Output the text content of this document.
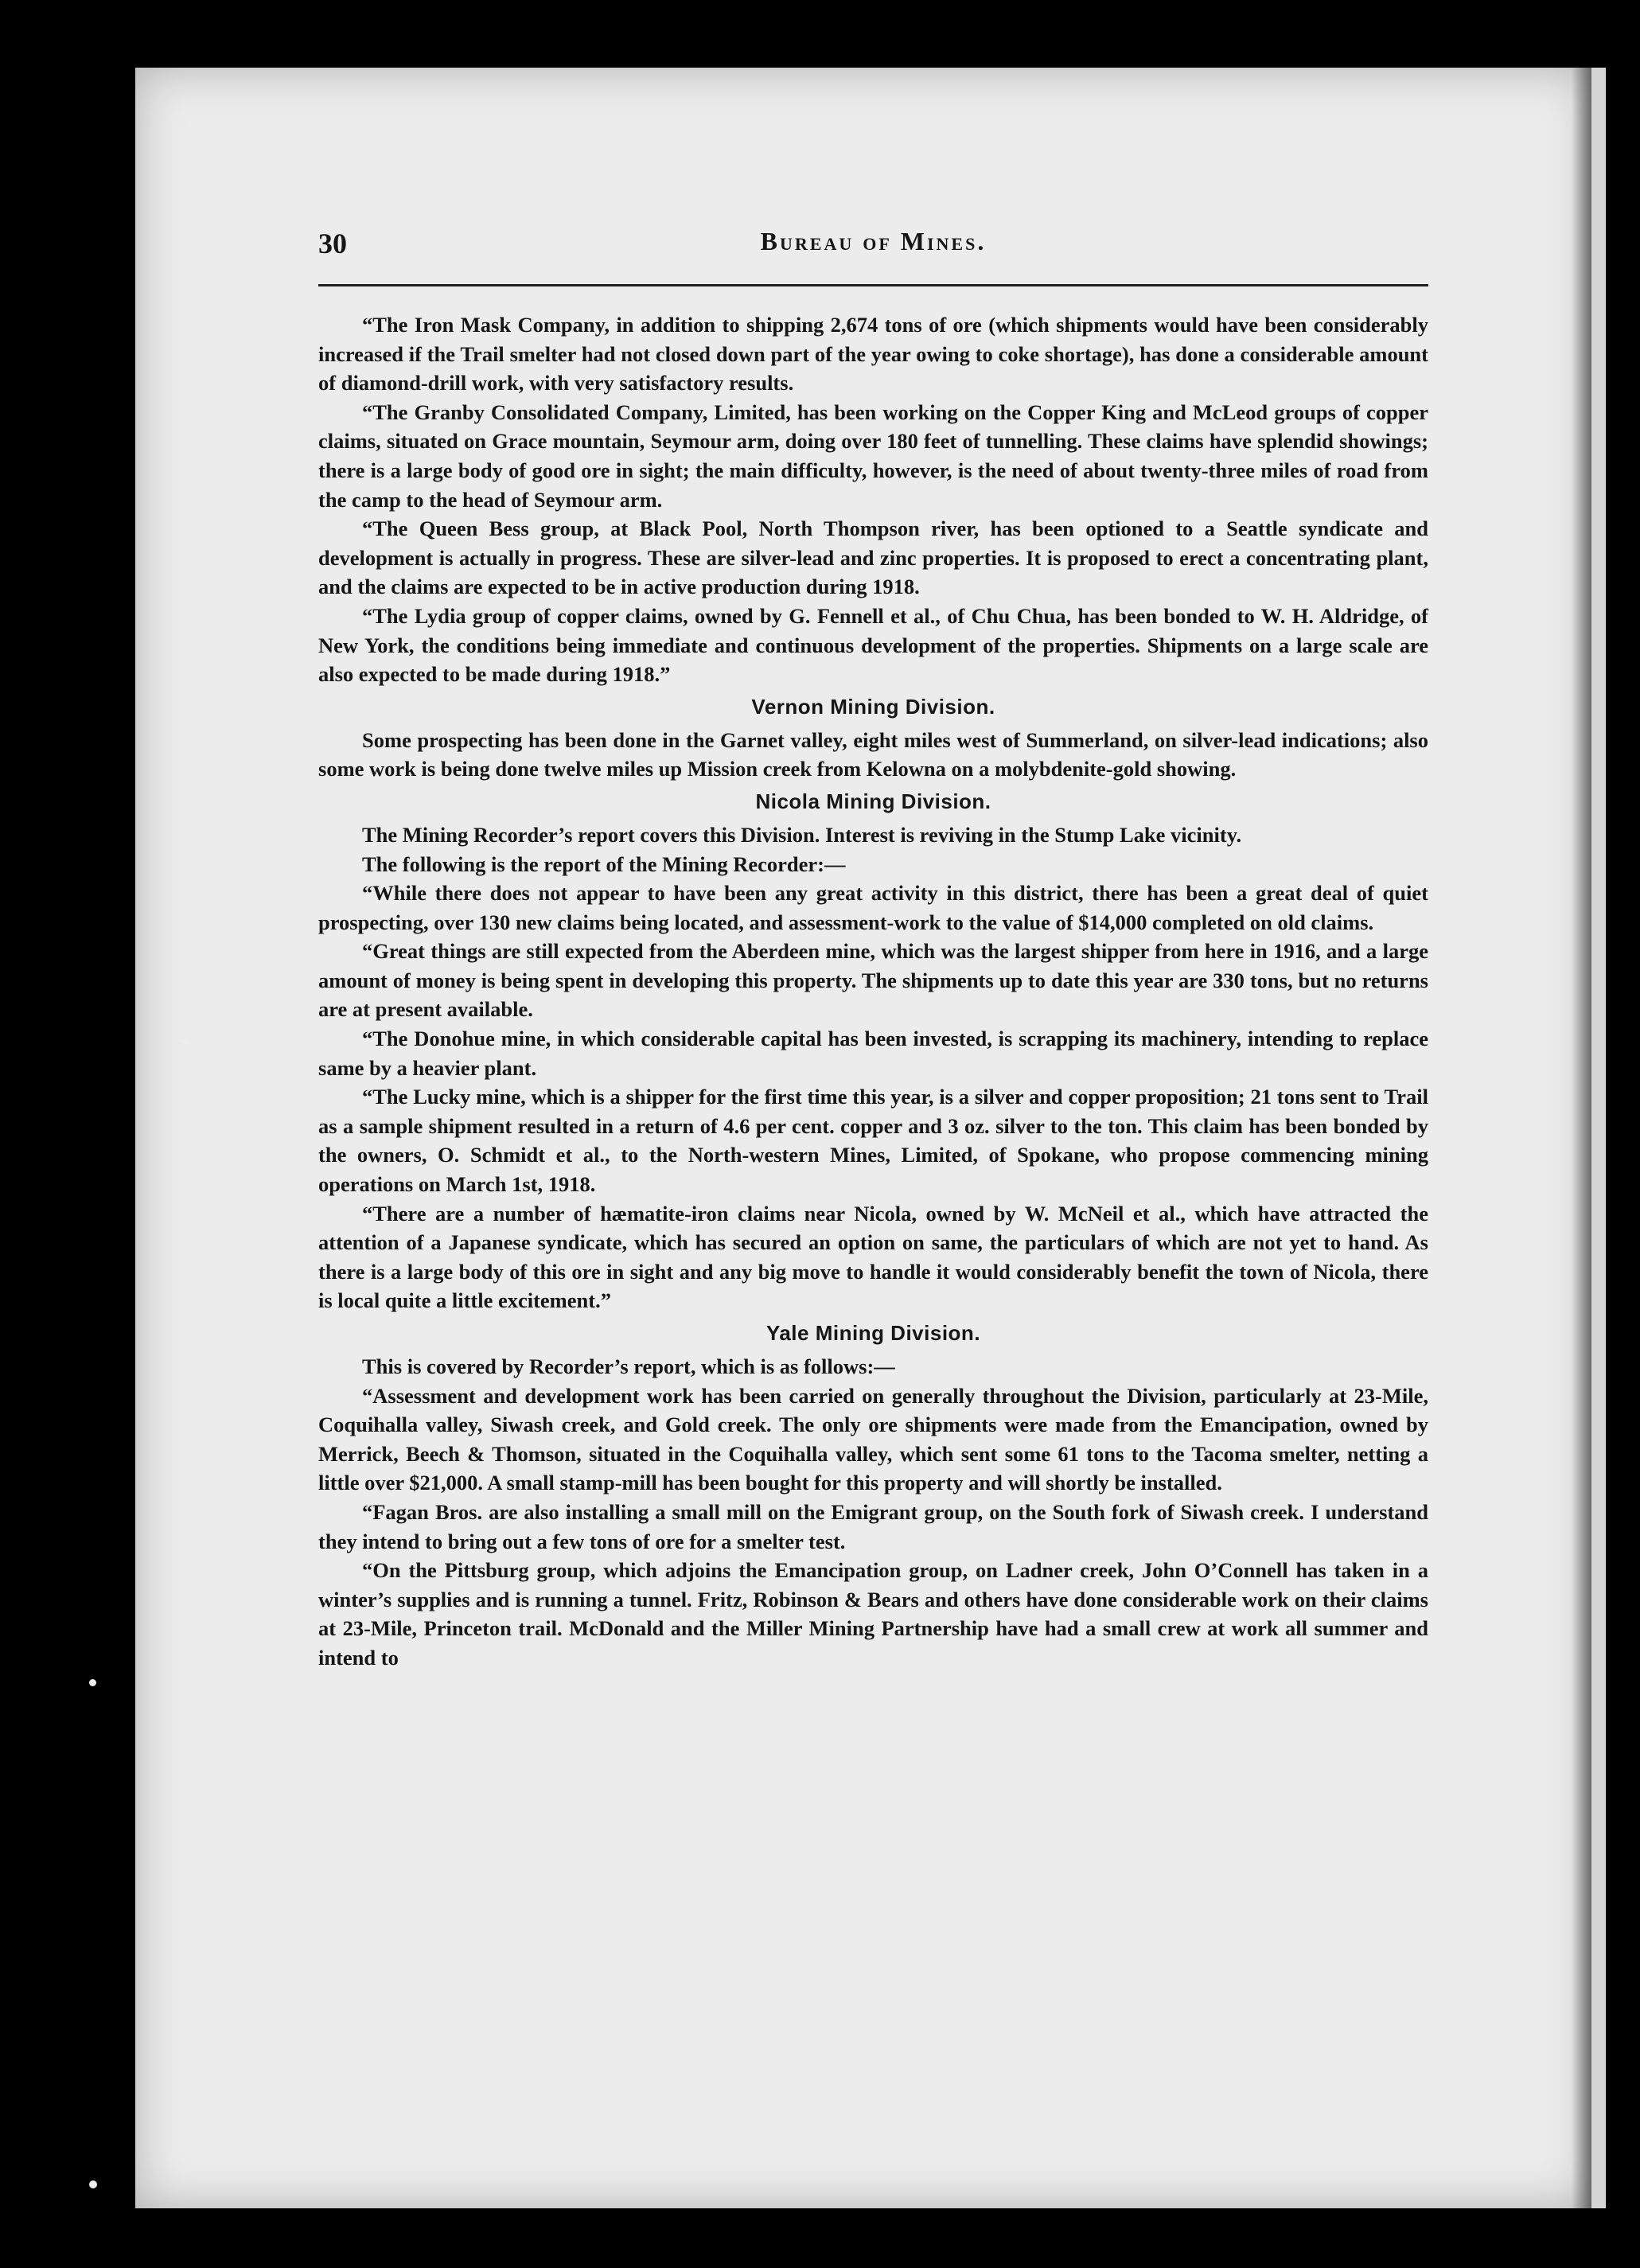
30	Bureau of Mines.

“The Iron Mask Company, in addition to shipping 2,674 tons of ore (which shipments would have been considerably increased if the Trail smelter had not closed down part of the year owing to coke shortage), has done a considerable amount of diamond-drill work, with very satisfactory results.

“The Granby Consolidated Company, Limited, has been working on the Copper King and McLeod groups of copper claims, situated on Grace mountain, Seymour arm, doing over 180 feet of tunnelling. These claims have splendid showings; there is a large body of good ore in sight; the main difficulty, however, is the need of about twenty-three miles of road from the camp to the head of Seymour arm.

“The Queen Bess group, at Black Pool, North Thompson river, has been optioned to a Seattle syndicate and development is actually in progress. These are silver-lead and zinc properties. It is proposed to erect a concentrating plant, and the claims are expected to be in active production during 1918.

“The Lydia group of copper claims, owned by G. Fennell et al., of Chu Chua, has been bonded to W. H. Aldridge, of New York, the conditions being immediate and continuous development of the properties. Shipments on a large scale are also expected to be made during 1918.”

Vernon Mining Division.

Some prospecting has been done in the Garnet valley, eight miles west of Summerland, on silver-lead indications; also some work is being done twelve miles up Mission creek from Kelowna on a molybdenite-gold showing.

Nicola Mining Division.

The Mining Recorder’s report covers this Division. Interest is reviving in the Stump Lake vicinity.

The following is the report of the Mining Recorder:—

“While there does not appear to have been any great activity in this district, there has been a great deal of quiet prospecting, over 130 new claims being located, and assessment-work to the value of $14,000 completed on old claims.

“Great things are still expected from the Aberdeen mine, which was the largest shipper from here in 1916, and a large amount of money is being spent in developing this property. The shipments up to date this year are 330 tons, but no returns are at present available.

“The Donohue mine, in which considerable capital has been invested, is scrapping its machinery, intending to replace same by a heavier plant.

“The Lucky mine, which is a shipper for the first time this year, is a silver and copper proposition; 21 tons sent to Trail as a sample shipment resulted in a return of 4.6 per cent. copper and 3 oz. silver to the ton. This claim has been bonded by the owners, O. Schmidt et al., to the North-western Mines, Limited, of Spokane, who propose commencing mining operations on March 1st, 1918.

“There are a number of hæmatite-iron claims near Nicola, owned by W. McNeil et al., which have attracted the attention of a Japanese syndicate, which has secured an option on same, the particulars of which are not yet to hand. As there is a large body of this ore in sight and any big move to handle it would considerably benefit the town of Nicola, there is local quite a little excitement.”

Yale Mining Division.

This is covered by Recorder’s report, which is as follows:—

“Assessment and development work has been carried on generally throughout the Division, particularly at 23-Mile, Coquihalla valley, Siwash creek, and Gold creek. The only ore shipments were made from the Emancipation, owned by Merrick, Beech & Thomson, situated in the Coquihalla valley, which sent some 61 tons to the Tacoma smelter, netting a little over $21,000. A small stamp-mill has been bought for this property and will shortly be installed.

“Fagan Bros. are also installing a small mill on the Emigrant group, on the South fork of Siwash creek. I understand they intend to bring out a few tons of ore for a smelter test.

“On the Pittsburg group, which adjoins the Emancipation group, on Ladner creek, John O’Connell has taken in a winter’s supplies and is running a tunnel. Fritz, Robinson & Bears and others have done considerable work on their claims at 23-Mile, Princeton trail. McDonald and the Miller Mining Partnership have had a small crew at work all summer and intend to
